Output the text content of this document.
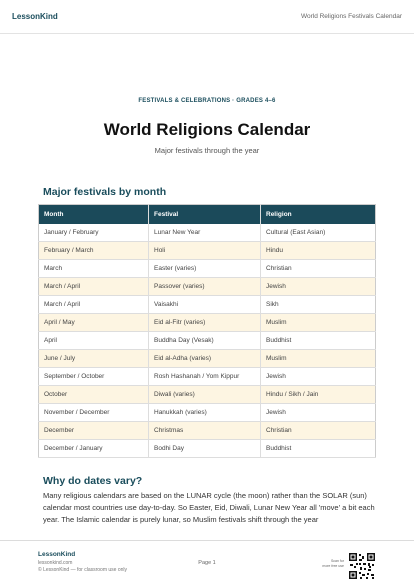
LessonKind	World Religions Festivals Calendar
FESTIVALS & CELEBRATIONS · GRADES 4–6
World Religions Calendar
Major festivals through the year
Major festivals by month
Month	Festival	Religion
January / February	Lunar New Year	Cultural (East Asian)
February / March	Holi	Hindu
March	Easter (varies)	Christian
March / April	Passover (varies)	Jewish
March / April	Vaisakhi	Sikh
April / May	Eid al-Fitr (varies)	Muslim
April	Buddha Day (Vesak)	Buddhist
June / July	Eid al-Adha (varies)	Muslim
September / October	Rosh Hashanah / Yom Kippur	Jewish
October	Diwali (varies)	Hindu / Sikh / Jain
November / December	Hanukkah (varies)	Jewish
December	Christmas	Christian
December / January	Bodhi Day	Buddhist
Why do dates vary?

Many religious calendars are based on the LUNAR cycle (the moon) rather than the SOLAR (sun) calendar most countries use day-to-day. So Easter, Eid, Diwali, Lunar New Year all 'move' a bit each year. The Islamic calendar is purely lunar, so Muslim festivals shift through the year

LessonKind
lessonkind.com
© LessonKind — for classroom use only
Page 1	Scan for
more free use
